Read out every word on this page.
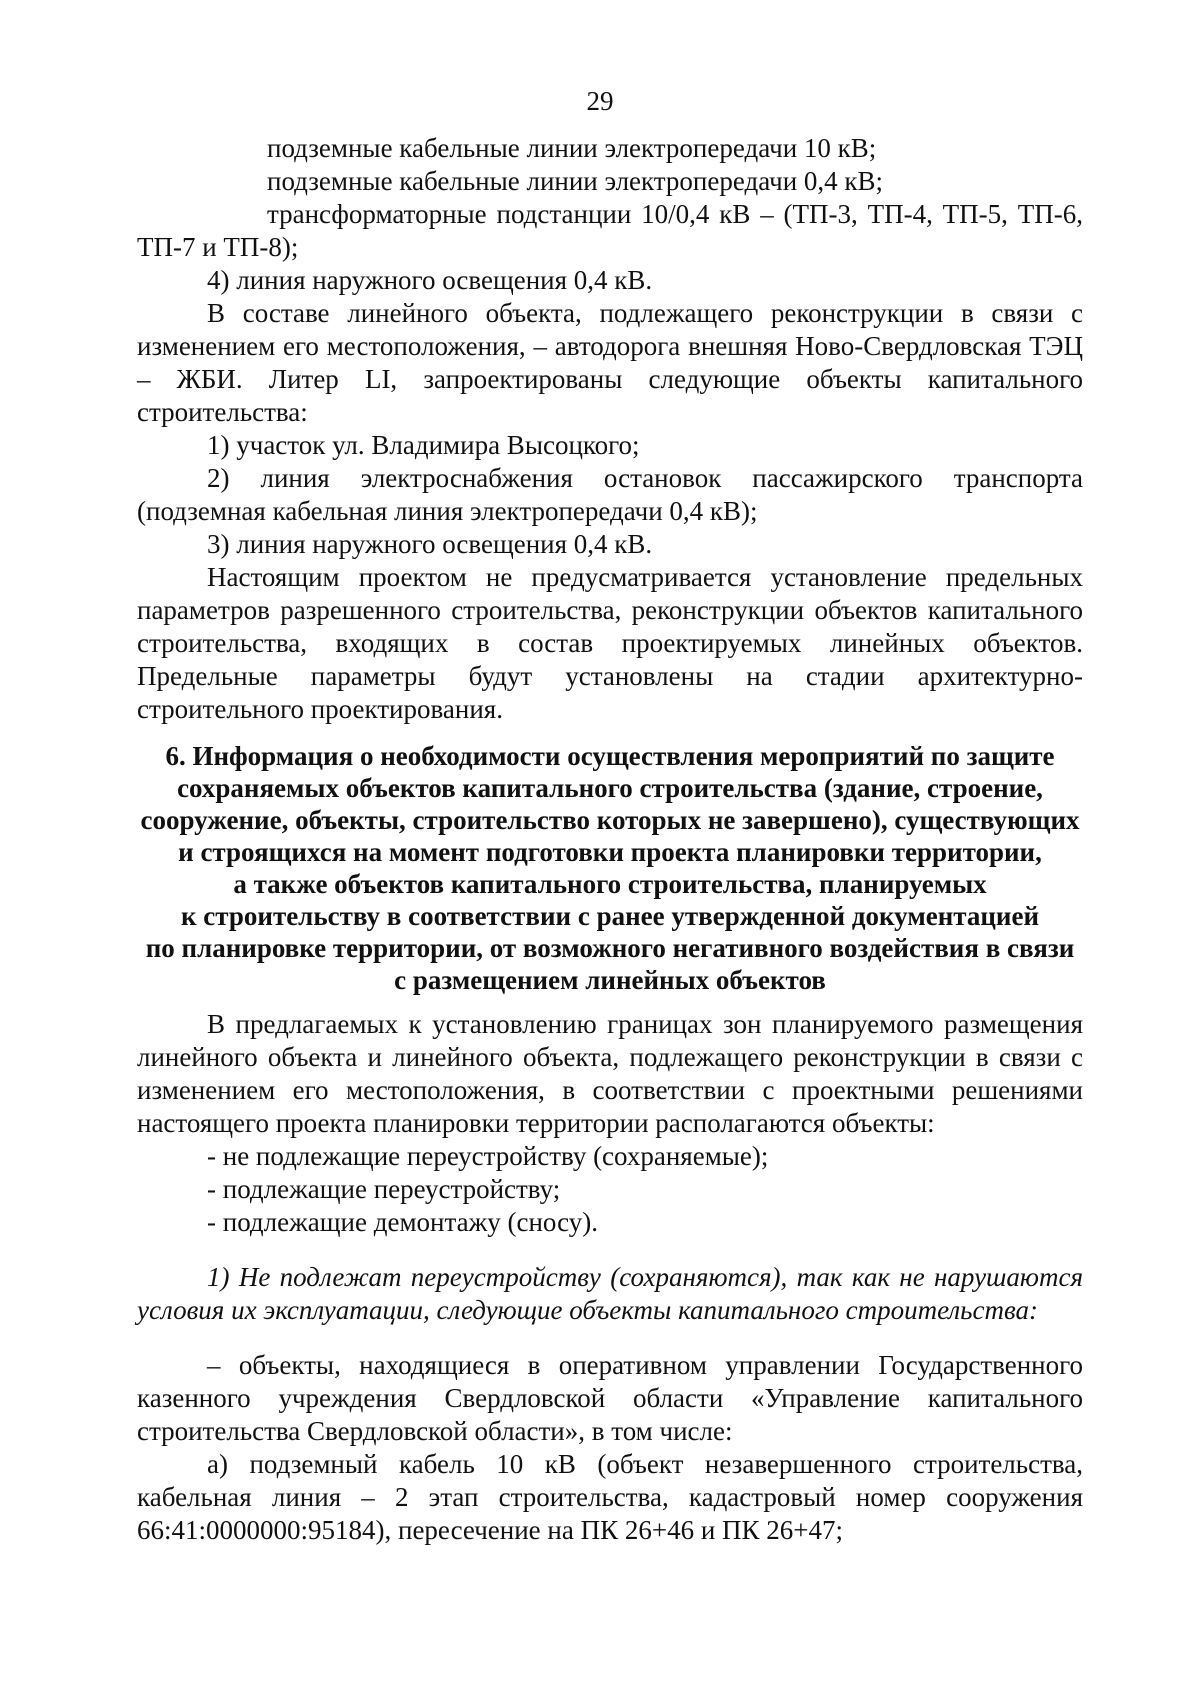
29

подземные кабельные линии электропередачи 10 кВ;

подземные кабельные линии электропередачи 0,4 кВ;

трансформаторные подстанции 10/0,4 кВ – (ТП-3, ТП-4, ТП-5, ТП-6, ТП-7 и ТП-8);

4) линия наружного освещения 0,4 кВ.

В составе линейного объекта, подлежащего реконструкции в связи с изменением его местоположения, – автодорога внешняя Ново-Свердловская ТЭЦ – ЖБИ. Литер LI, запроектированы следующие объекты капитального строительства:

1) участок ул. Владимира Высоцкого;

2) линия электроснабжения остановок пассажирского транспорта (подземная кабельная линия электропередачи 0,4 кВ);

3) линия наружного освещения 0,4 кВ.

Настоящим проектом не предусматривается установление предельных параметров разрешенного строительства, реконструкции объектов капитального строительства, входящих в состав проектируемых линейных объектов. Предельные параметры будут установлены на стадии архитектурно-строительного проектирования.

6. Информация о необходимости осуществления мероприятий по защите
сохраняемых объектов капитального строительства (здание, строение,
сооружение, объекты, строительство которых не завершено), существующих
и строящихся на момент подготовки проекта планировки территории,
а также объектов капитального строительства, планируемых
к строительству в соответствии с ранее утвержденной документацией
по планировке территории, от возможного негативного воздействия в связи
с размещением линейных объектов

В предлагаемых к установлению границах зон планируемого размещения линейного объекта и линейного объекта, подлежащего реконструкции в связи с изменением его местоположения, в соответствии с проектными решениями настоящего проекта планировки территории располагаются объекты:

- не подлежащие переустройству (сохраняемые);

- подлежащие переустройству;

- подлежащие демонтажу (сносу).

1) Не подлежат переустройству (сохраняются), так как не нарушаются условия их эксплуатации, следующие объекты капитального строительства:

– объекты, находящиеся в оперативном управлении Государственного казенного учреждения Свердловской области «Управление капитального строительства Свердловской области», в том числе:

а) подземный кабель 10 кВ (объект незавершенного строительства, кабельная линия – 2 этап строительства, кадастровый номер сооружения 66:41:0000000:95184), пересечение на ПК 26+46 и ПК 26+47;
